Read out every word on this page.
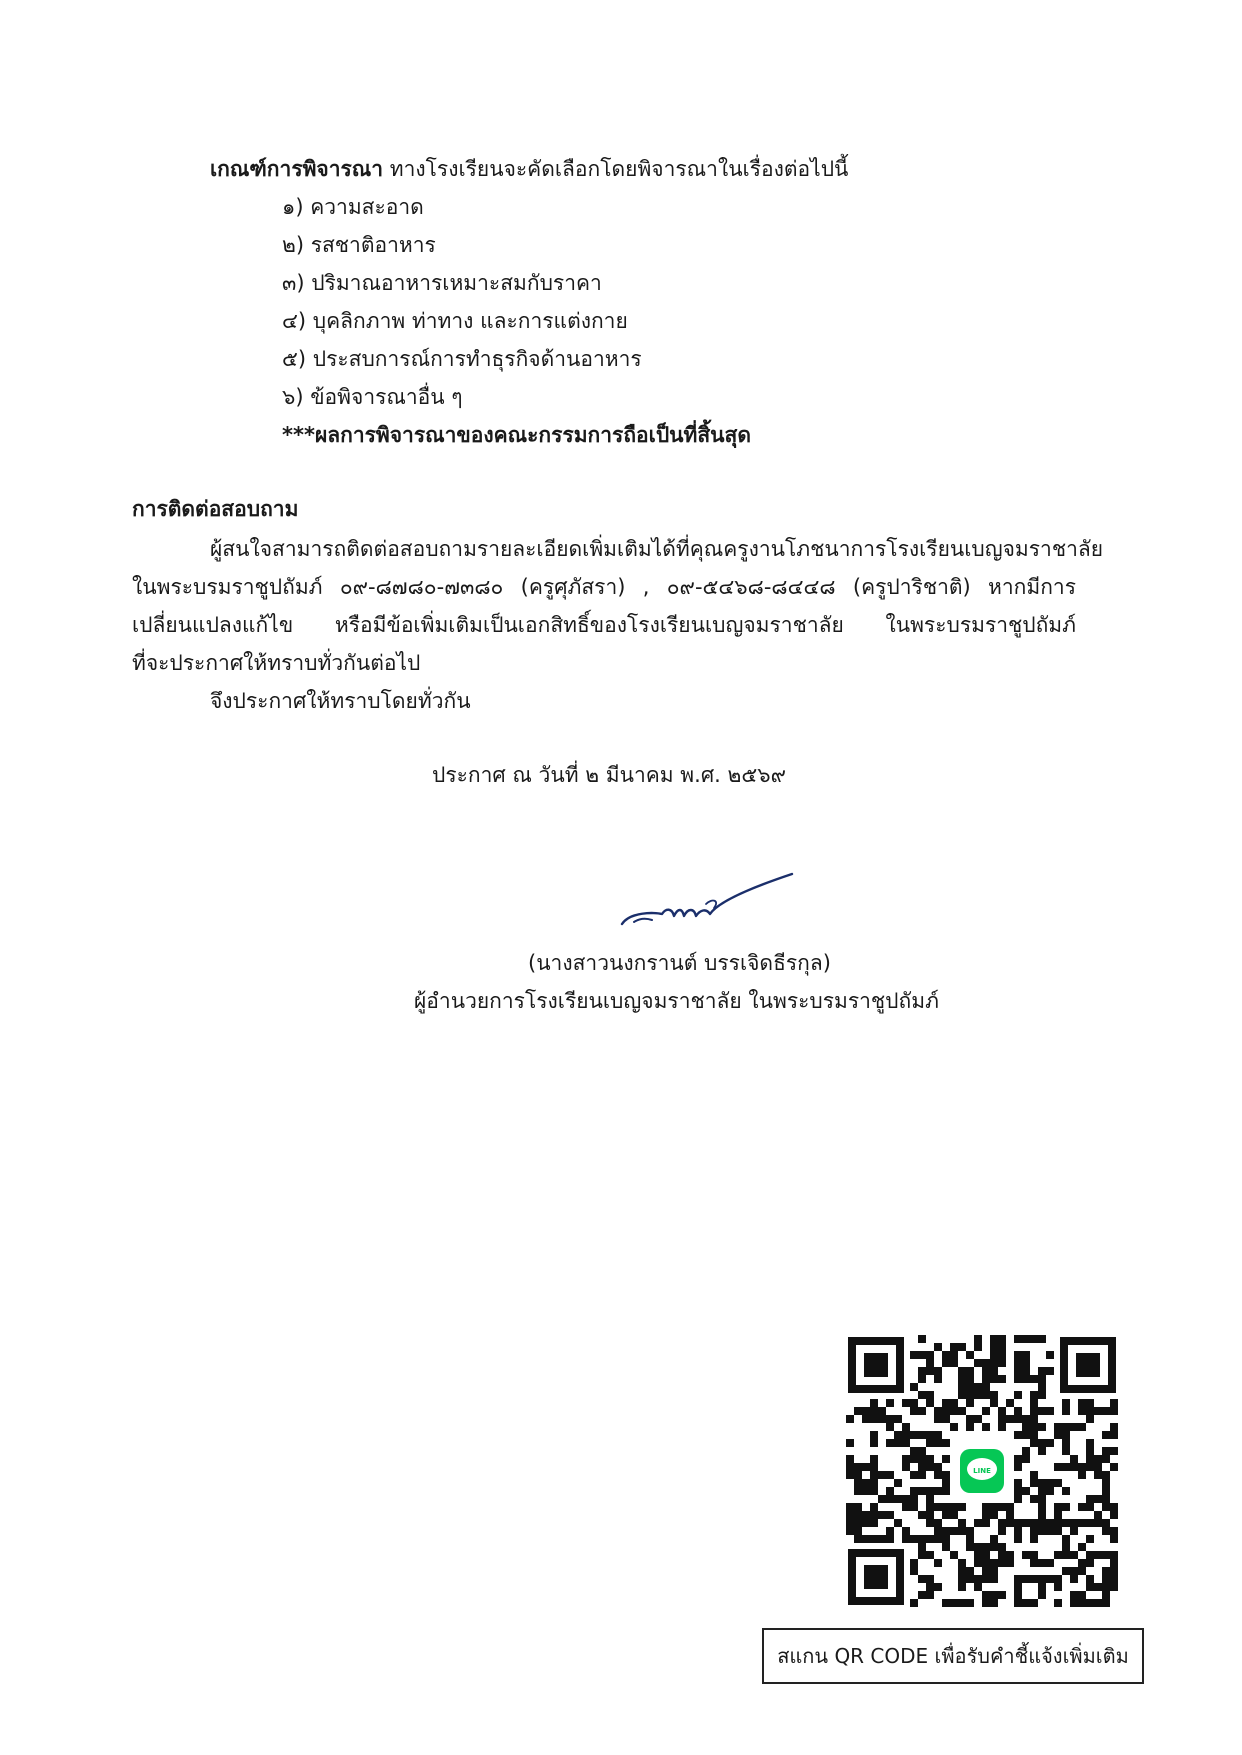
เกณฑ์การพิจารณา ทางโรงเรียนจะคัดเลือกโดยพิจารณาในเรื่องต่อไปนี้
๑) ความสะอาด
๒) รสชาติอาหาร
๓) ปริมาณอาหารเหมาะสมกับราคา
๔) บุคลิกภาพ ท่าทาง และการแต่งกาย
๕) ประสบการณ์การทำธุรกิจด้านอาหาร
๖) ข้อพิจารณาอื่น ๆ
***ผลการพิจารณาของคณะกรรมการถือเป็นที่สิ้นสุด
การติดต่อสอบถาม
ผู้สนใจสามารถติดต่อสอบถามรายละเอียดเพิ่มเติมได้ที่คุณครูงานโภชนาการโรงเรียนเบญจมราชาลัย
ในพระบรมราชูปถัมภ์ ๐๙-๘๗๘๐-๗๓๘๐ (ครูศุภัสรา) , ๐๙-๕๔๖๘-๘๔๔๘ (ครูปาริชาติ) หากมีการ
เปลี่ยนแปลงแก้ไข หรือมีข้อเพิ่มเติมเป็นเอกสิทธิ์ของโรงเรียนเบญจมราชาลัย ในพระบรมราชูปถัมภ์
ที่จะประกาศให้ทราบทั่วกันต่อไป
จึงประกาศให้ทราบโดยทั่วกัน
ประกาศ ณ วันที่ ๒ มีนาคม พ.ศ. ๒๕๖๙
(นางสาวนงกรานต์ บรรเจิดธีรกุล)
ผู้อำนวยการโรงเรียนเบญจมราชาลัย ในพระบรมราชูปถัมภ์
LINE
สแกน QR CODE เพื่อรับคำชี้แจ้งเพิ่มเติม
